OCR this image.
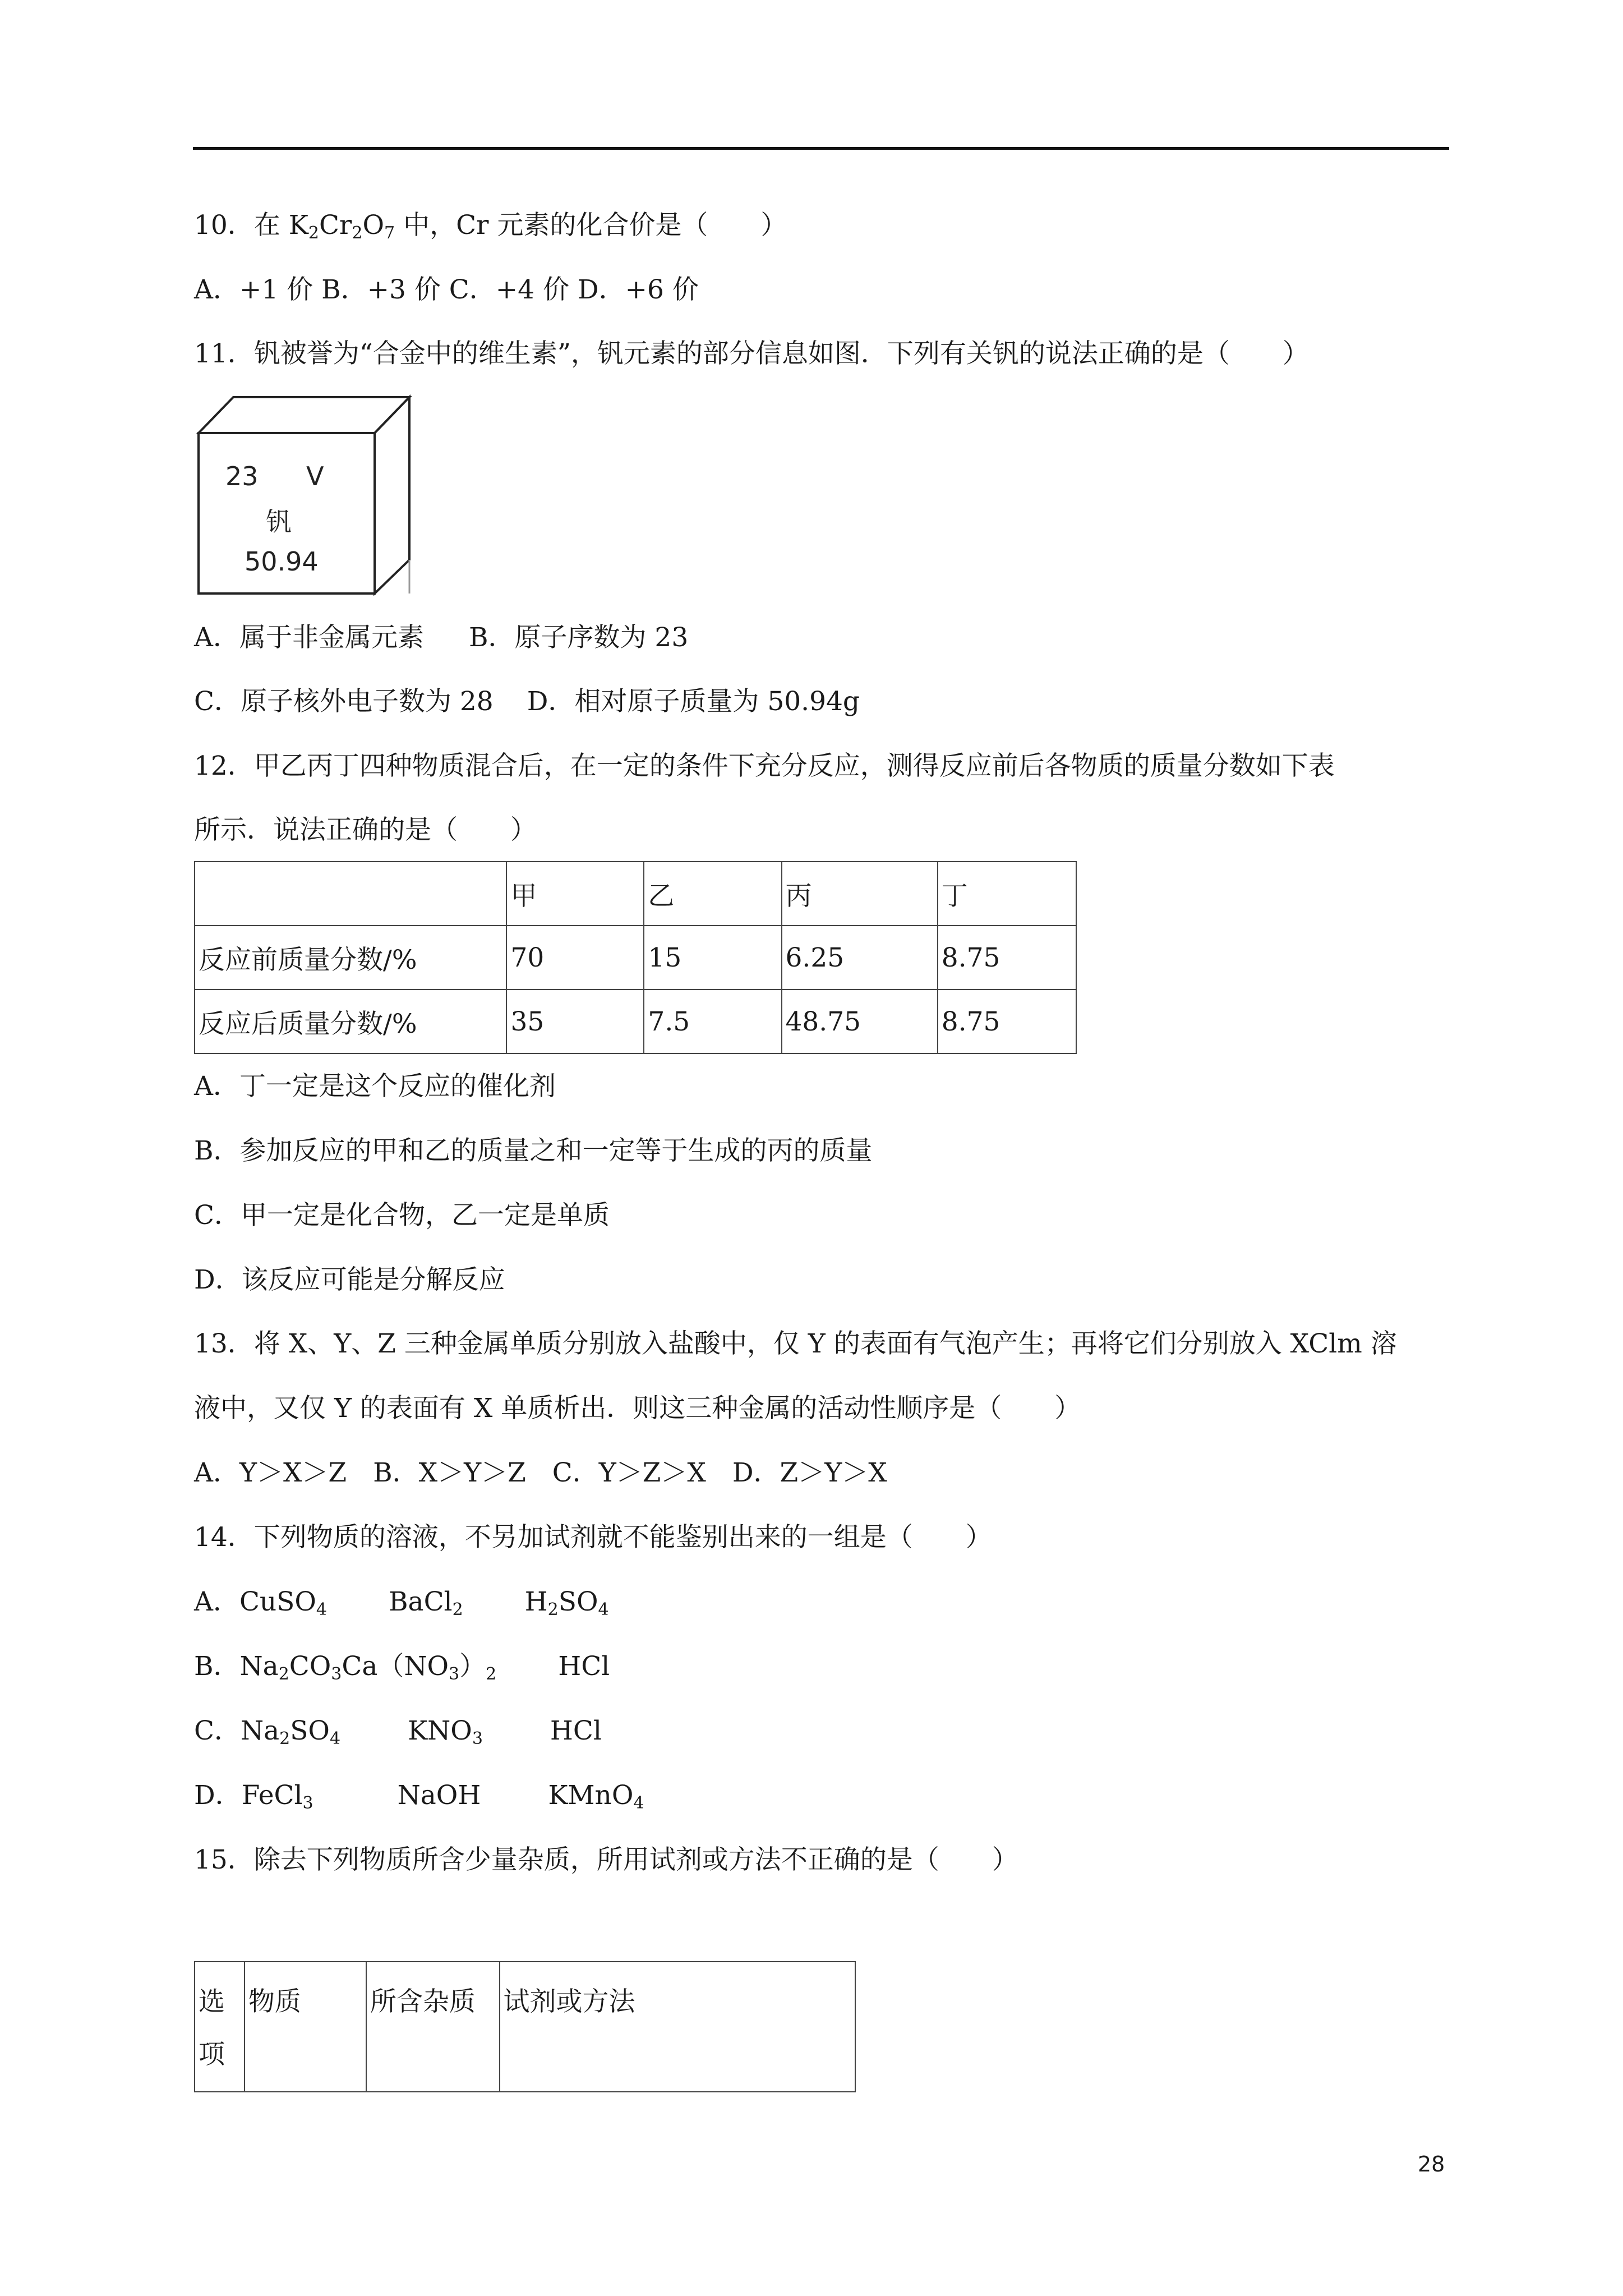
10．在 $K_2Cr_2O_7$ 中，Cr 元素的化合价是（　　）
A．+1 价 B．+3 价 C．+4 价 D．+6 价
11．钒被誉为“合金中的维生素”，钒元素的部分信息如图．下列有关钒的说法正确的是（　　）
23 V
钒
50.94
A．属于非金属元素 B．原子序数为 23
C．原子核外电子数为 28 D．相对原子质量为 50.94g
12．甲乙丙丁四种物质混合后，在一定的条件下充分反应，测得反应前后各物质的质量分数如下表
所示．说法正确的是（　　）
	甲	乙	丙	丁
反应前质量分数/%	70	15	6.25	8.75
反应后质量分数/%	35	7.5	48.75	8.75
A．丁一定是这个反应的催化剂
B．参加反应的甲和乙的质量之和一定等于生成的丙的质量
C．甲一定是化合物，乙一定是单质
D．该反应可能是分解反应
13．将 X、Y、Z 三种金属单质分别放入盐酸中，仅 Y 的表面有气泡产生；再将它们分别放入 XClm 溶
液中，又仅 Y 的表面有 X 单质析出．则这三种金属的活动性顺序是（　　）
A．Y＞X＞Z　B．X＞Y＞Z　C．Y＞Z＞X　D．Z＞Y＞X
14．下列物质的溶液，不另加试剂就不能鉴别出来的一组是（　　）
A．CuSO$_4$ BaCl$_2$ $H_2SO_4$
B．$Na_2CO_3Ca(NO_3)_2$ HCl
C．$Na_2SO_4$	$KNO_3$	HCl
D．FeCl$_3$	NaOH	KMnO$_4$
15．除去下列物质所含少量杂质，所用试剂或方法不正确的是（　　）
选项	物质	所含杂质	试剂或方法
28
